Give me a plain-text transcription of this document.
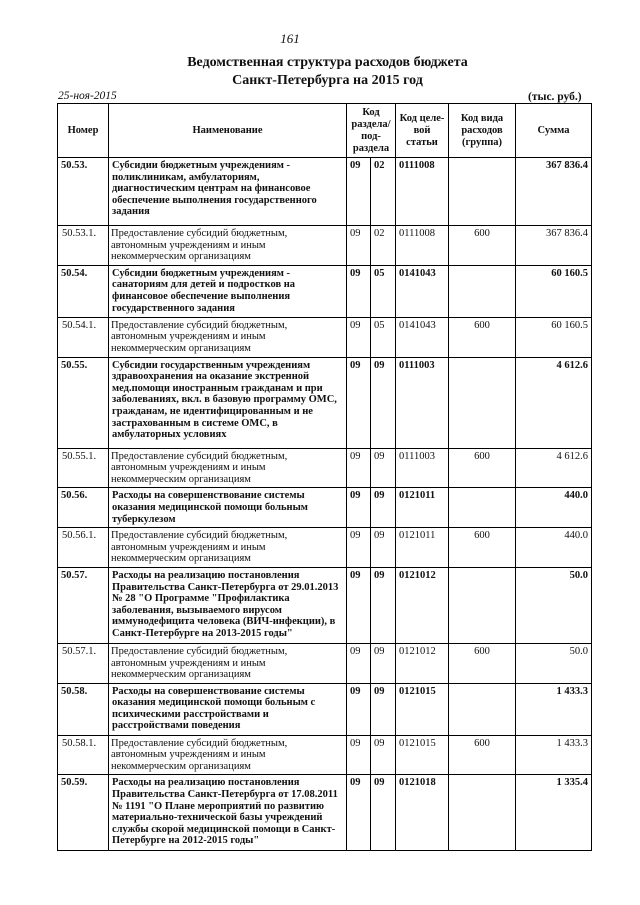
161
Ведомственная структура расходов бюджета
Санкт-Петербурга на 2015 год
25-ноя-2015	(тыс. руб.)
Номер	Наименование	Код раздела/ под- раздела		Код целе- вой статьи	Код вида расходов (группа)	Сумма
50.53.	Субсидии бюджетным учреждениям - поликлиникам, амбулаториям, диагностическим центрам на финансовое обеспечение выполнения государственного задания	09	02	0111008		367 836.4
50.53.1.	Предоставление субсидий бюджетным, автономным учреждениям и иным некоммерческим организациям	09	02	0111008	600	367 836.4
50.54.	Субсидии бюджетным учреждениям - санаториям для детей и подростков на финансовое обеспечение выполнения государственного задания	09	05	0141043		60 160.5
50.54.1.	Предоставление субсидий бюджетным, автономным учреждениям и иным некоммерческим организациям	09	05	0141043	600	60 160.5
50.55.	Субсидии государственным учреждениям здравоохранения на оказание экстренной мед.помощи иностранным гражданам и при заболеваниях, вкл. в базовую программу ОМС, гражданам, не идентифицированным и не застрахованным в системе ОМС, в амбулаторных условиях	09	09	0111003		4 612.6
50.55.1.	Предоставление субсидий бюджетным, автономным учреждениям и иным некоммерческим организациям	09	09	0111003	600	4 612.6
50.56.	Расходы на совершенствование системы оказания медицинской помощи больным туберкулезом	09	09	0121011		440.0
50.56.1.	Предоставление субсидий бюджетным, автономным учреждениям и иным некоммерческим организациям	09	09	0121011	600	440.0
50.57.	Расходы на реализацию постановления Правительства Санкт-Петербурга от 29.01.2013 № 28 "О Программе "Профилактика заболевания, вызываемого вирусом иммунодефицита человека (ВИЧ-инфекции), в Санкт-Петербурге на 2013-2015 годы"	09	09	0121012		50.0
50.57.1.	Предоставление субсидий бюджетным, автономным учреждениям и иным некоммерческим организациям	09	09	0121012	600	50.0
50.58.	Расходы на совершенствование системы оказания медицинской помощи больным с психическими расстройствами и расстройствами поведения	09	09	0121015		1 433.3
50.58.1.	Предоставление субсидий бюджетным, автономным учреждениям и иным некоммерческим организациям	09	09	0121015	600	1 433.3
50.59.	Расходы на реализацию постановления Правительства Санкт-Петербурга от 17.08.2011 № 1191 "О Плане мероприятий по развитию материально-технической базы учреждений службы скорой медицинской помощи в Санкт-Петербурге на 2012-2015 годы"	09	09	0121018		1 335.4
